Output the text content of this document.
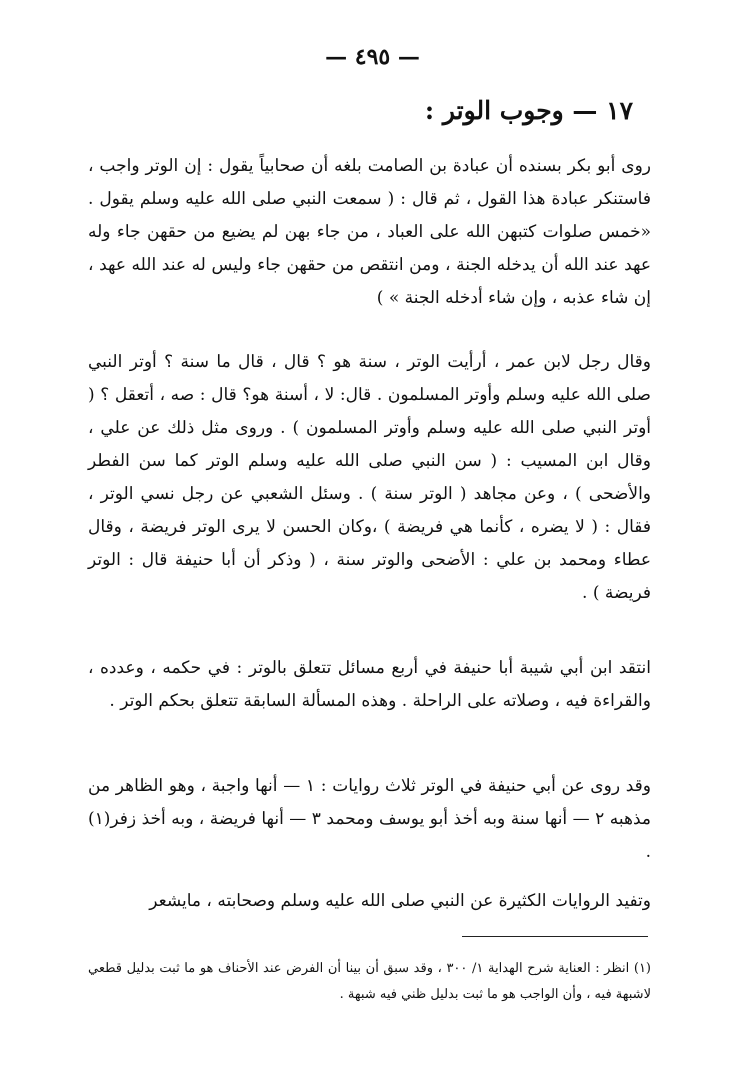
— ٤٩٥ —
١٧ — وجوب الوتر :

روى أبو بكر بسنده أن عبادة بن الصامت بلغه أن صحابياً يقول : إن الوتر واجب ، فاستنكر عبادة هذا القول ، ثم قال : ( سمعت النبي صلى الله عليه وسلم يقول . «خمس صلوات كتبهن الله على العباد ، من جاء بهن لم يضيع من حقهن جاء وله عهد عند الله أن يدخله الجنة ، ومن انتقص من حقهن جاء وليس له عند الله عهد ، إن شاء عذبه ، وإن شاء أدخله الجنة » )

وقال رجل لابن عمر ، أرأيت الوتر ، سنة هو ؟ قال ، قال ما سنة ؟ أوتر النبي صلى الله عليه وسلم وأوتر المسلمون . قال: لا ، أسنة هو؟ قال : صه ، أتعقل ؟ ( أوتر النبي صلى الله عليه وسلم وأوتر المسلمون ) . وروى مثل ذلك عن علي ، وقال ابن المسيب : ( سن النبي صلى الله عليه وسلم الوتر كما سن الفطر والأضحى ) ، وعن مجاهد ( الوتر سنة ) . وسئل الشعبي عن رجل نسي الوتر ، فقال : ( لا يضره ، كأنما هي فريضة ) ،وكان الحسن لا يرى الوتر فريضة ، وقال عطاء ومحمد بن علي : الأضحى والوتر سنة ، ( وذكر أن أبا حنيفة قال : الوتر فريضة ) .

انتقد ابن أبي شيبة أبا حنيفة في أربع مسائل تتعلق بالوتر : في حكمه ، وعدده ، والقراءة فيه ، وصلاته على الراحلة . وهذه المسألة السابقة تتعلق بحكم الوتر .

وقد روى عن أبي حنيفة في الوتر ثلاث روايات : ١ — أنها واجبة ، وهو الظاهر من مذهبه ٢ — أنها سنة وبه أخذ أبو يوسف ومحمد ٣ — أنها فريضة ، وبه أخذ زفر(١) .

وتفيد الروايات الكثيرة عن النبي صلى الله عليه وسلم وصحابته ، مايشعر

(١) انظر : العناية شرح الهداية ١/ ٣٠٠ ، وقد سبق أن بينا أن الفرض عند الأحناف هو ما ثبت بدليل قطعي لاشبهة فيه ، وأن الواجب هو ما ثبت بدليل ظني فيه شبهة .
